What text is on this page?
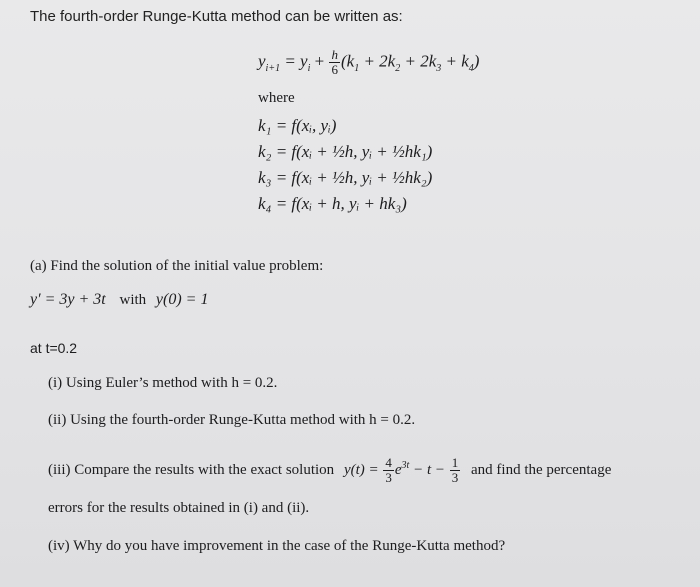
The fourth-order Runge-Kutta method can be written as:
$y_{i+1} = y_i + \frac{h}{6} (k_1 + 2k_2 + 2k_3 + k_4)$
where
k₁ = f(xᵢ, yᵢ)
k₂ = f(xᵢ + ½h, yᵢ + ½hk₁)
k₃ = f(xᵢ + ½h, yᵢ + ½hk₂)
k₄ = f(xᵢ + h, yᵢ + hk₃)
(a) Find the solution of the initial value problem:
y′ = 3y + 3t with y(0) = 1
at t=0.2
(i) Using Euler’s method with h = 0.2.
(ii) Using the fourth-order Runge-Kutta method with h = 0.2.
(iii) Compare the results with the exact solution $y(t) = \frac{4}{3} e^{3t} - t - \frac{1}{3}$ and find the percentage
errors for the results obtained in (i) and (ii).
(iv) Why do you have improvement in the case of the Runge-Kutta method?
